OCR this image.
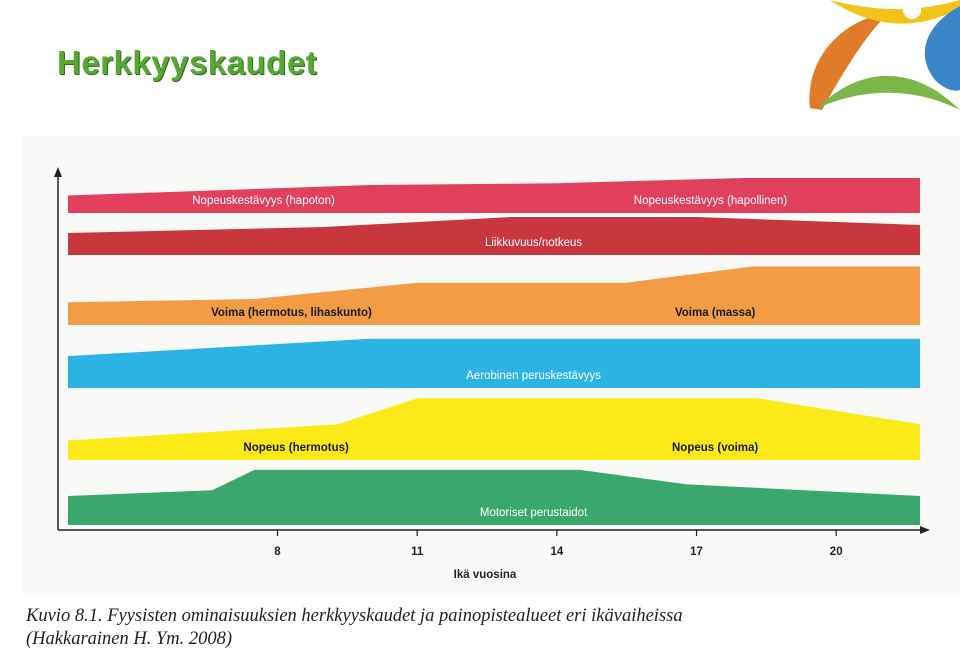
Herkkyyskaudet
Nopeuskestävyys (hapoton)	Nopeuskestävyys (hapollinen)
Liikkuvuus/notkeus
Voima (hermotus, lihaskunto)	Voima (massa)
Aerobinen peruskestävyys
Nopeus (hermotus)	Nopeus (voima)
Motoriset perustaidot
8	11	14	17	20
Ikä vuosina
Kuvio 8.1. Fyysisten ominaisuuksien herkkyyskaudet ja painopistealueet eri ikävaiheissa
(Hakkarainen H. Ym. 2008)
